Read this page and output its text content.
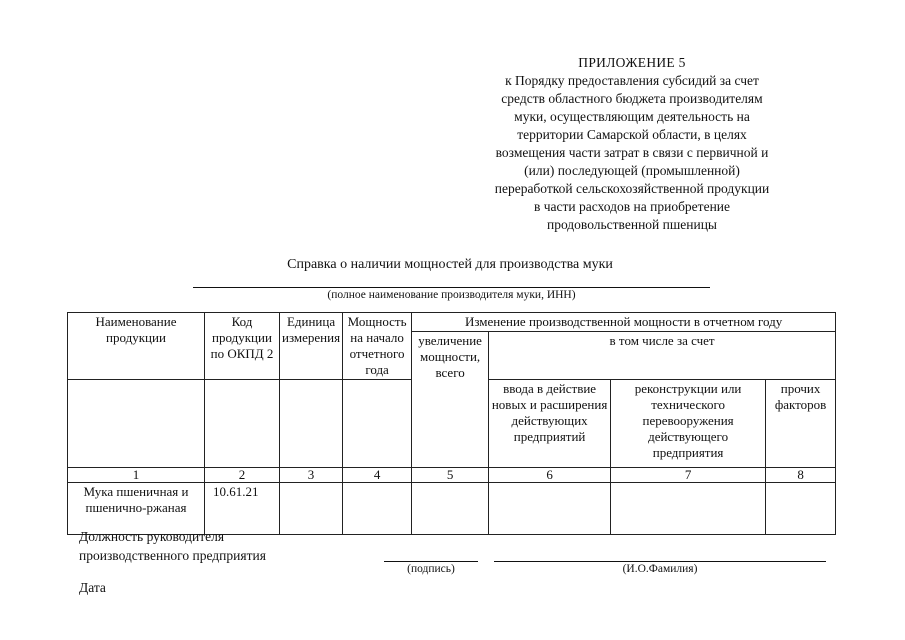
ПРИЛОЖЕНИЕ 5
к Порядку предоставления субсидий за счет
средств областного бюджета производителям
муки, осуществляющим деятельность на
территории Самарской области, в целях
возмещения части затрат в связи с первичной и
(или) последующей (промышленной)
переработкой сельскохозяйственной продукции
в части расходов на приобретение
продовольственной пшеницы
Справка о наличии мощностей для производства муки
(полное наименование производителя муки, ИНН)
Наименование продукции	Код продукции по ОКПД 2	Единица измерения	Мощность на начало отчетного года	Изменение производственной мощности в отчетном году			
				увеличение мощности, всего	в том числе за счет		
					ввода в действие новых и расширения действующих предприятий	реконструкции или технического перевооружения действующего предприятия	прочих факторов
1	2	3	4	5	6	7	8
Мука пшеничная и пшенично-ржаная	10.61.21						
Должность руководителя
производственного предприятия
(подпись)	(И.О.Фамилия)
Дата
